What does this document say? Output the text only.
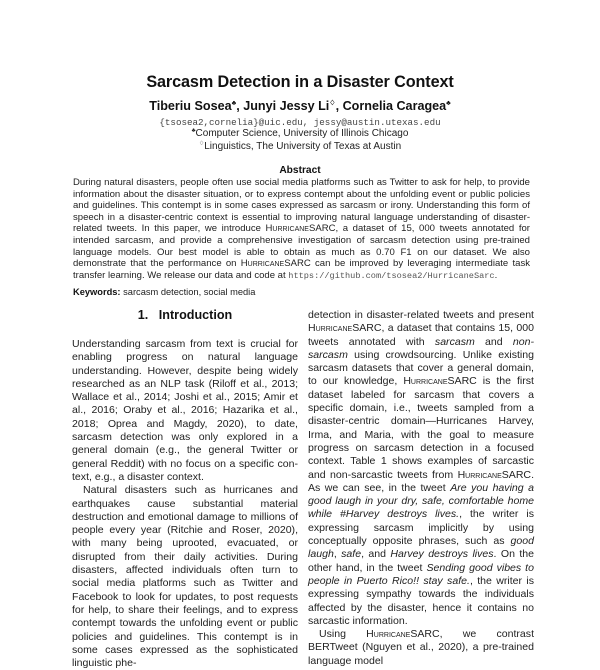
Sarcasm Detection in a Disaster Context
Tiberiu Sosea♣, Junyi Jessy Li♢, Cornelia Caragea♣
{tsosea2,cornelia}@uic.edu, jessy@austin.utexas.edu
♣Computer Science, University of Illinois Chicago
♢Linguistics, The University of Texas at Austin
Abstract
During natural disasters, people often use social media platforms such as Twitter to ask for help, to provide information about the disaster situation, or to express contempt about the unfolding event or public policies and guidelines. This contempt is in some cases expressed as sarcasm or irony. Understanding this form of speech in a disaster-centric context is essential to improving natural language understanding of disaster-related tweets. In this paper, we introduce HurricaneSARC, a dataset of 15, 000 tweets annotated for intended sarcasm, and provide a comprehensive investigation of sarcasm detection using pre-trained language models. Our best model is able to obtain as much as 0.70 F1 on our dataset. We also demonstrate that the performance on HurricaneSARC can be improved by leveraging intermediate task transfer learning. We release our data and code at https://github.com/tsosea2/HurricaneSarc.
Keywords: sarcasm detection, social media
1. Introduction

Understanding sarcasm from text is crucial for enabling progress on natural language understanding. However, despite being widely researched as an NLP task (Riloff et al., 2013; Wallace et al., 2014; Joshi et al., 2015; Amir et al., 2016; Oraby et al., 2016; Hazarika et al., 2018; Oprea and Magdy, 2020), to date, sarcasm detection was only explored in a general domain (e.g., the general Twitter or general Reddit) with no focus on a specific context, e.g., a disaster context.

Natural disasters such as hurricanes and earthquakes cause substantial material destruction and emotional damage to millions of people every year (Ritchie and Roser, 2020), with many being uprooted, evacuated, or disrupted from their daily activities. During disasters, affected individuals often turn to social media platforms such as Twitter and Facebook to look for updates, to post requests for help, to share their feelings, and to express contempt towards the unfolding event or public policies and guidelines. This contempt is in some cases expressed as the sophisticated linguistic phe-

detection in disaster-related tweets and present HurricaneSARC, a dataset that contains 15, 000 tweets annotated with sarcasm and non-sarcasm using crowdsourcing. Unlike existing sarcasm datasets that cover a general domain, to our knowledge, HurricaneSARC is the first dataset labeled for sarcasm that covers a specific domain, i.e., tweets sampled from a disaster-centric domain—Hurricanes Harvey, Irma, and Maria, with the goal to measure progress on sarcasm detection in a focused context. Table 1 shows examples of sarcastic and non-sarcastic tweets from HurricaneSARC. As we can see, in the tweet Are you having a good laugh in your dry, safe, comfortable home while #Harvey destroys lives., the writer is expressing sarcasm implicitly by using conceptually opposite phrases, such as good laugh, safe, and Harvey destroys lives. On the other hand, in the tweet Sending good vibes to people in Puerto Rico!! stay safe., the writer is expressing sympathy towards the individuals affected by the disaster, hence it contains no sarcastic information.

Using HurricaneSARC, we contrast BERTweet (Nguyen et al., 2020), a pre-trained language model
